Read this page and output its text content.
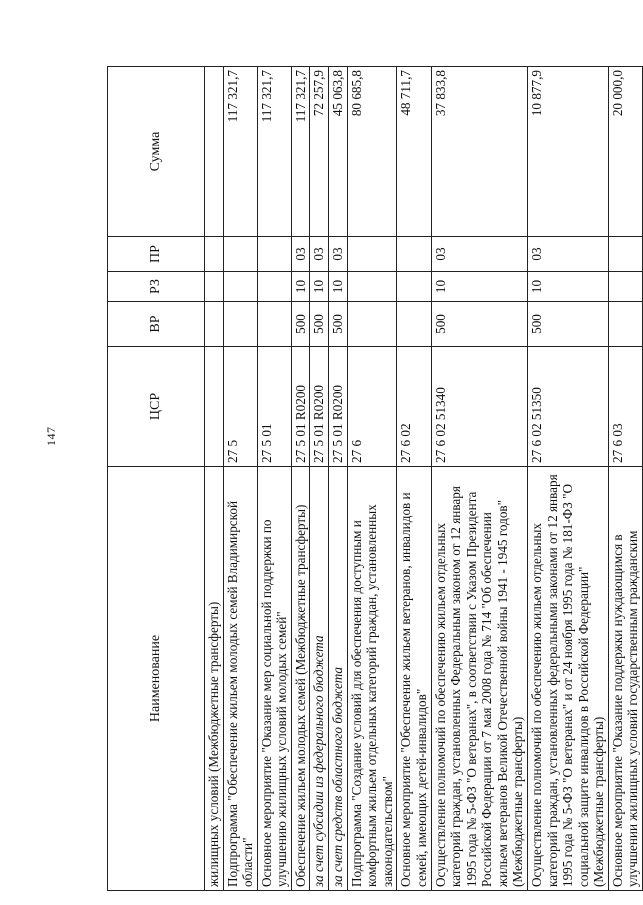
147
Наименование	ЦСР	ВР	РЗ	ПР	Сумма
жилищных условий (Межбюджетные трансферты)					
Подпрограмма "Обеспечение жильем молодых семей Владимирской области"	27 5				117 321,7
Основное мероприятие "Оказание мер социальной поддержки по улучшению жилищных условий молодых семей"	27 5 01				117 321,7
Обеспечение жильем молодых семей (Межбюджетные трансферты)	27 5 01 R0200	500	10	03	117 321,7
за счет субсидии из федерального бюджета	27 5 01 R0200	500	10	03	72 257,9
за счет средств областного бюджета	27 5 01 R0200	500	10	03	45 063,8
Подпрограмма "Создание условий для обеспечения доступным и комфортным жильем отдельных категорий граждан, установленных законодательством"	27 6				80 685,8
Основное мероприятие "Обеспечение жильем ветеранов, инвалидов и семей, имеющих детей-инвалидов"	27 6 02				48 711,7
Осуществление полномочий по обеспечению жильем отдельных категорий граждан, установленных Федеральным законом от 12 января 1995 года № 5-ФЗ "О ветеранах", в соответствии с Указом Президента Российской Федерации от 7 мая 2008 года № 714 "Об обеспечении жильем ветеранов Великой Отечественной войны 1941 - 1945 годов" (Межбюджетные трансферты)	27 6 02 51340	500	10	03	37 833,8
Осуществление полномочий по обеспечению жильем отдельных категорий граждан, установленных федеральными законами от 12 января 1995 года № 5-ФЗ "О ветеранах" и от 24 ноября 1995 года № 181-ФЗ "О социальной защите инвалидов в Российской Федерации" (Межбюджетные трансферты)	27 6 02 51350	500	10	03	10 877,9
Основное мероприятие "Оказание поддержки нуждающимся в улучшении жилищных условий государственным гражданским	27 6 03				20 000,0
